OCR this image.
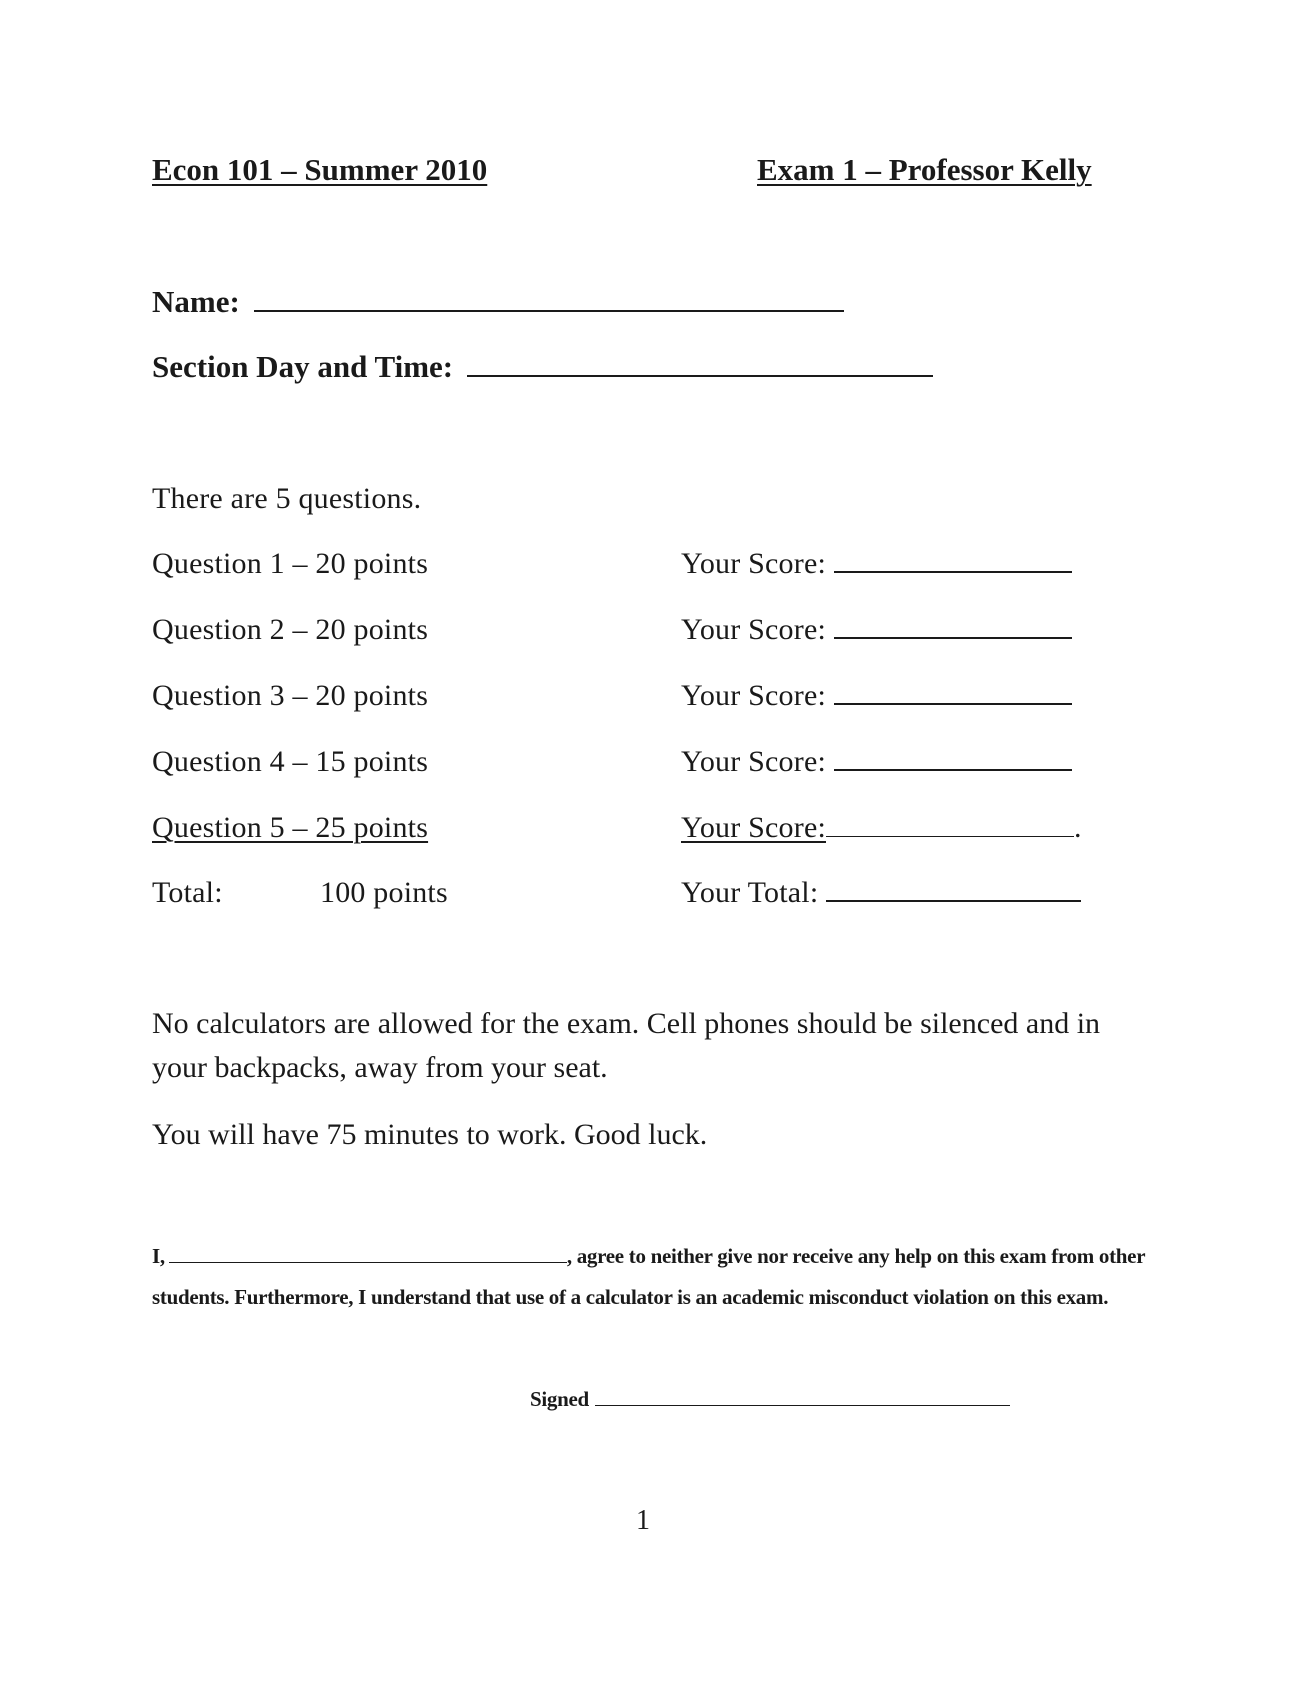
Econ 101 – Summer 2010	Exam 1 – Professor Kelly
Name:
Section Day and Time:
There are 5 questions.
Question 1 – 20 points	Your Score:
Question 2 – 20 points	Your Score:
Question 3 – 20 points	Your Score:
Question 4 – 15 points	Your Score:
Question 5 – 25 points	Your Score:	.
Total:	100 points	Your Total:
No calculators are allowed for the exam. Cell phones should be silenced and in your backpacks, away from your seat.
You will have 75 minutes to work. Good luck.
I,	, agree to neither give nor receive any help on this exam from other students. Furthermore, I understand that use of a calculator is an academic misconduct violation on this exam.
Signed
1
